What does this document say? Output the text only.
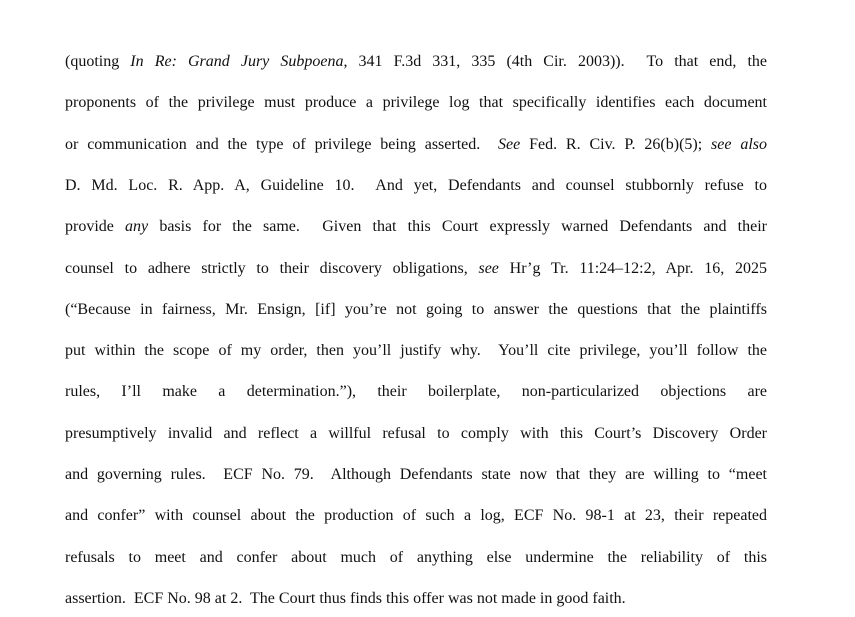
(quoting In Re: Grand Jury Subpoena, 341 F.3d 331, 335 (4th Cir. 2003)).  To that end, the
proponents of the privilege must produce a privilege log that specifically identifies each document
or communication and the type of privilege being asserted.  See Fed. R. Civ. P. 26(b)(5); see also
D. Md. Loc. R. App. A, Guideline 10.  And yet, Defendants and counsel stubbornly refuse to
provide any basis for the same.  Given that this Court expressly warned Defendants and their
counsel to adhere strictly to their discovery obligations, see Hr’g Tr. 11:24–12:2, Apr. 16, 2025
(“Because in fairness, Mr. Ensign, [if] you’re not going to answer the questions that the plaintiffs
put within the scope of my order, then you’ll justify why.  You’ll cite privilege, you’ll follow the
rules, I’ll make a determination.”), their boilerplate, non-particularized objections are
presumptively invalid and reflect a willful refusal to comply with this Court’s Discovery Order
and governing rules.  ECF No. 79.  Although Defendants state now that they are willing to “meet
and confer” with counsel about the production of such a log, ECF No. 98-1 at 23, their repeated
refusals to meet and confer about much of anything else undermine the reliability of this
assertion.  ECF No. 98 at 2.  The Court thus finds this offer was not made in good faith.
